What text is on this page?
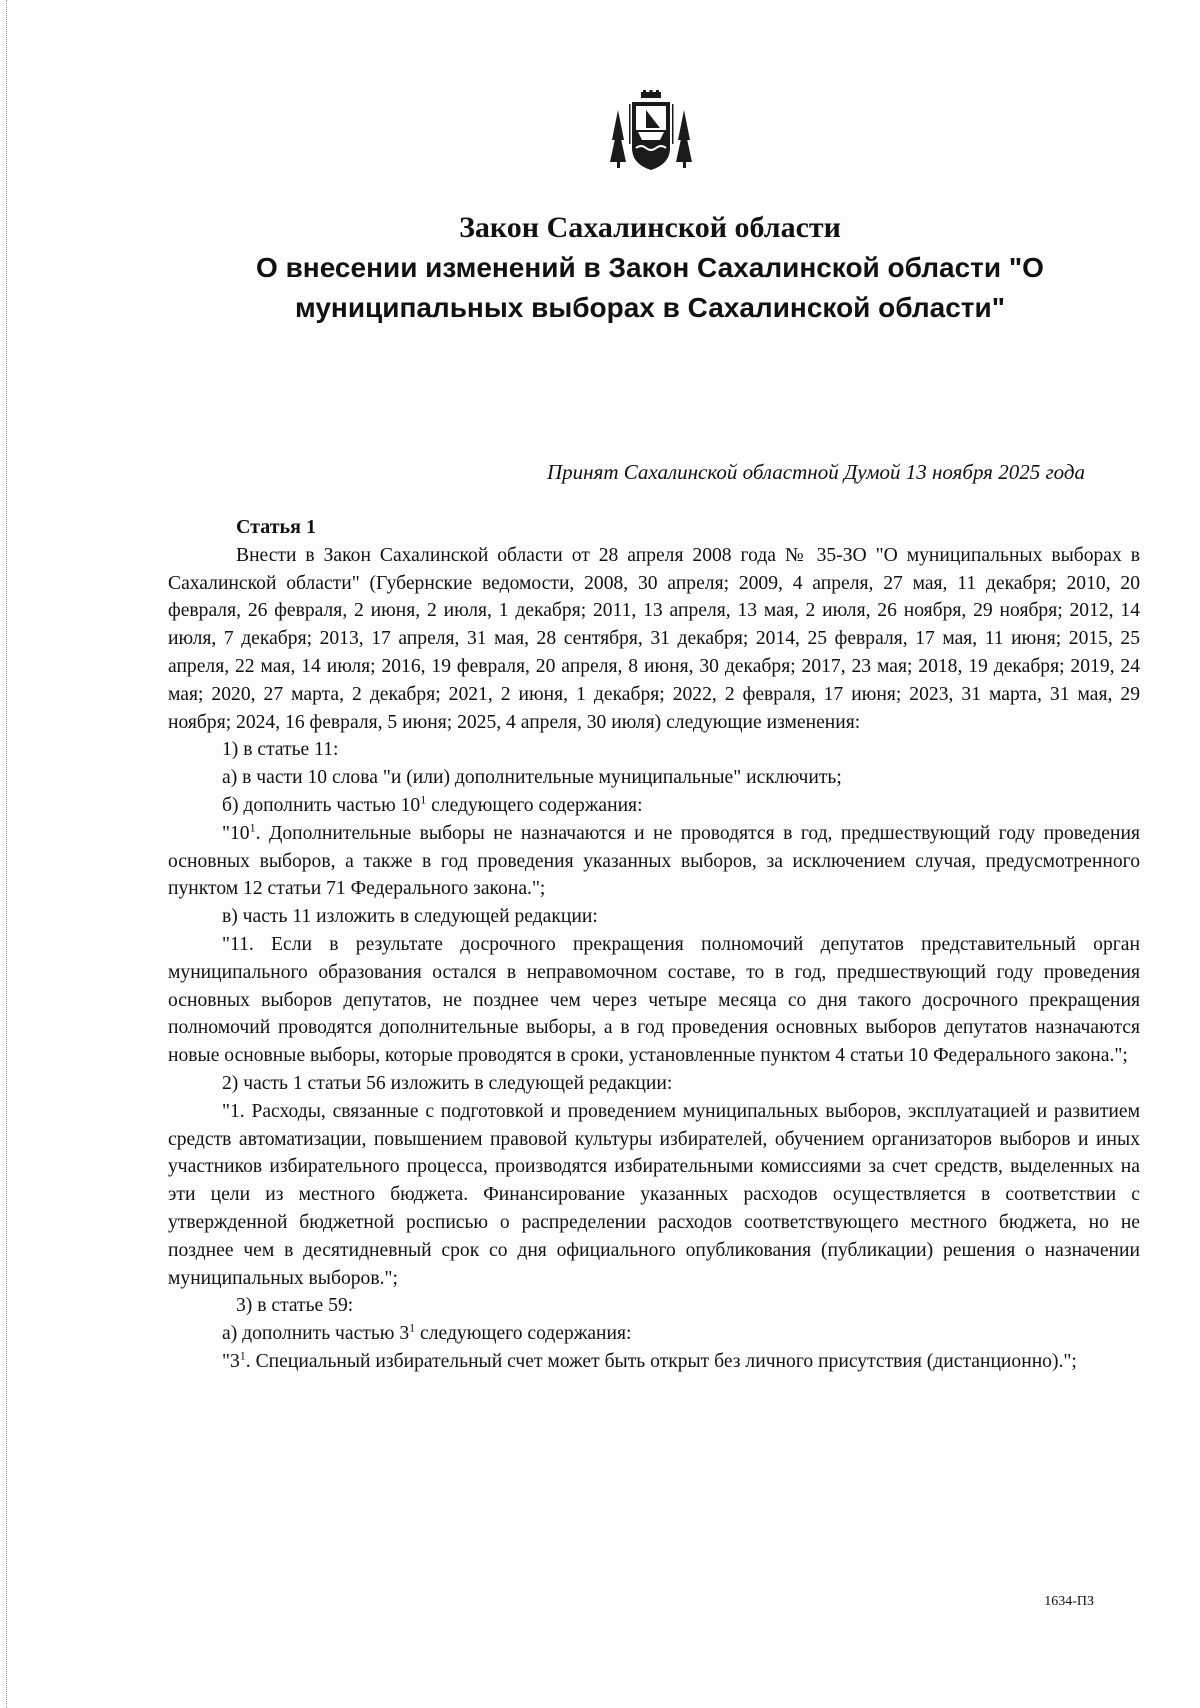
Закон Сахалинской области
О внесении изменений в Закон Сахалинской области "О муниципальных выборах в Сахалинской области"
Принят Сахалинской областной Думой 13 ноября 2025 года

Статья 1

Внести в Закон Сахалинской области от 28 апреля 2008 года № 35-ЗО "О муниципальных выборах в Сахалинской области" (Губернские ведомости, 2008, 30 апреля; 2009, 4 апреля, 27 мая, 11 декабря; 2010, 20 февраля, 26 февраля, 2 июня, 2 июля, 1 декабря; 2011, 13 апреля, 13 мая, 2 июля, 26 ноября, 29 ноября; 2012, 14 июля, 7 декабря; 2013, 17 апреля, 31 мая, 28 сентября, 31 декабря; 2014, 25 февраля, 17 мая, 11 июня; 2015, 25 апреля, 22 мая, 14 июля; 2016, 19 февраля, 20 апреля, 8 июня, 30 декабря; 2017, 23 мая; 2018, 19 декабря; 2019, 24 мая; 2020, 27 марта, 2 декабря; 2021, 2 июня, 1 декабря; 2022, 2 февраля, 17 июня; 2023, 31 марта, 31 мая, 29 ноября; 2024, 16 февраля, 5 июня; 2025, 4 апреля, 30 июля) следующие изменения:

1) в статье 11:

а) в части 10 слова "и (или) дополнительные муниципальные" исключить;

б) дополнить частью $10^1$ следующего содержания:

"$10^1$. Дополнительные выборы не назначаются и не проводятся в год, предшествующий году проведения основных выборов, а также в год проведения указанных выборов, за исключением случая, предусмотренного пунктом 12 статьи 71 Федерального закона.";

в) часть 11 изложить в следующей редакции:

"11. Если в результате досрочного прекращения полномочий депутатов представительный орган муниципального образования остался в неправомочном составе, то в год, предшествующий году проведения основных выборов депутатов, не позднее чем через четыре месяца со дня такого досрочного прекращения полномочий проводятся дополнительные выборы, а в год проведения основных выборов депутатов назначаются новые основные выборы, которые проводятся в сроки, установленные пунктом 4 статьи 10 Федерального закона.";

2) часть 1 статьи 56 изложить в следующей редакции:

"1. Расходы, связанные с подготовкой и проведением муниципальных выборов, эксплуатацией и развитием средств автоматизации, повышением правовой культуры избирателей, обучением организаторов выборов и иных участников избирательного процесса, производятся избирательными комиссиями за счет средств, выделенных на эти цели из местного бюджета. Финансирование указанных расходов осуществляется в соответствии с утвержденной бюджетной росписью о распределении расходов соответствующего местного бюджета, но не позднее чем в десятидневный срок со дня официального опубликования (публикации) решения о назначении муниципальных выборов.";

3) в статье 59:

а) дополнить частью $3^1$ следующего содержания:

"$3^1$. Специальный избирательный счет может быть открыт без личного присутствия (дистанционно).";

1634-ПЗ
